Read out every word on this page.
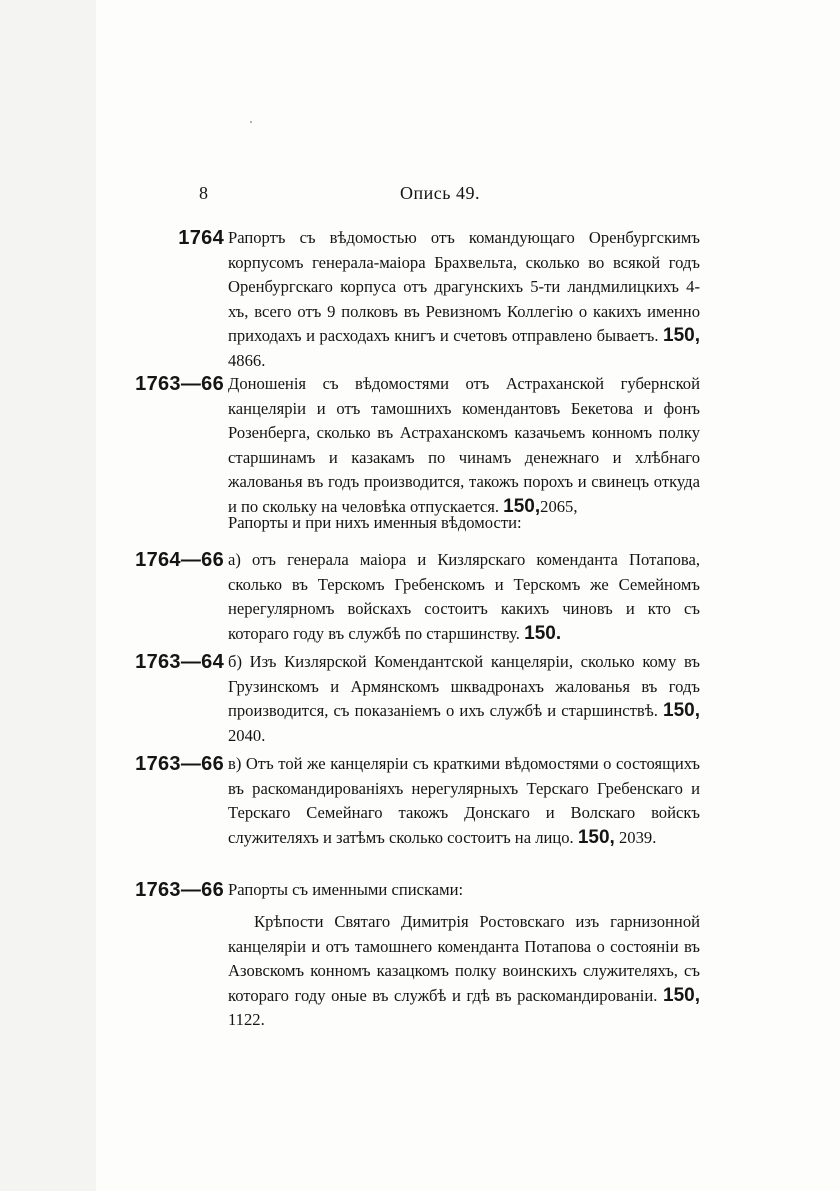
8	Опись 49.
1764 Рапортъ съ вѣдомостью отъ командующаго Оренбургскимъ корпусомъ генерала-маіора Брахвельта, сколько во всякой годъ Оренбургскаго корпуса отъ драгунскихъ 5-ти ландмилицкихъ 4-хъ, всего отъ 9 полковъ въ Ревизномъ Коллегію о какихъ именно приходахъ и расходахъ книгъ и счетовъ отправлено бываетъ. 150, 4866.
1763—66 Доношенія съ вѣдомостями отъ Астраханской губернской канцеляріи и отъ тамошнихъ комендантовъ Бекетова и фонъ Розенберга, сколько въ Астраханскомъ казачьемъ конномъ полку старшинамъ и казакамъ по чинамъ денежнаго и хлѣбнаго жалованья въ годъ производится, такожъ порохъ и свинецъ откуда и по скольку на человѣка отпускается. 150,2065,
Рапорты и при нихъ именныя вѣдомости:
1764—66 а) отъ генерала маіора и Кизлярскаго коменданта Потапова, сколько въ Терскомъ Гребенскомъ и Терскомъ же Семейномъ нерегулярномъ войскахъ состоитъ какихъ чиновъ и кто съ котораго году въ службѣ по старшинству. 150.
1763—64 б) Изъ Кизлярской Комендантской канцеляріи, сколько кому въ Грузинскомъ и Армянскомъ шквадронахъ жалованья въ годъ производится, съ показаніемъ о ихъ службѣ и старшинствѣ. 150, 2040.
1763—66 в) Отъ той же канцеляріи съ краткими вѣдомостями о состоящихъ въ раскомандированіяхъ нерегулярныхъ Терскаго Гребенскаго и Терскаго Семейнаго такожъ Донскаго и Волскаго войскъ служителяхъ и затѣмъ сколько состоитъ на лицо. 150, 2039.
1763—66 Рапорты съ именными списками:
Крѣпости Святаго Димитрія Ростовскаго изъ гарнизонной канцеляріи и отъ тамошнего коменданта Потапова о состояніи въ Азовскомъ конномъ казацкомъ полку воинскихъ служителяхъ, съ котораго году оные въ службѣ и гдѣ въ раскомандированіи. 150, 1122.
